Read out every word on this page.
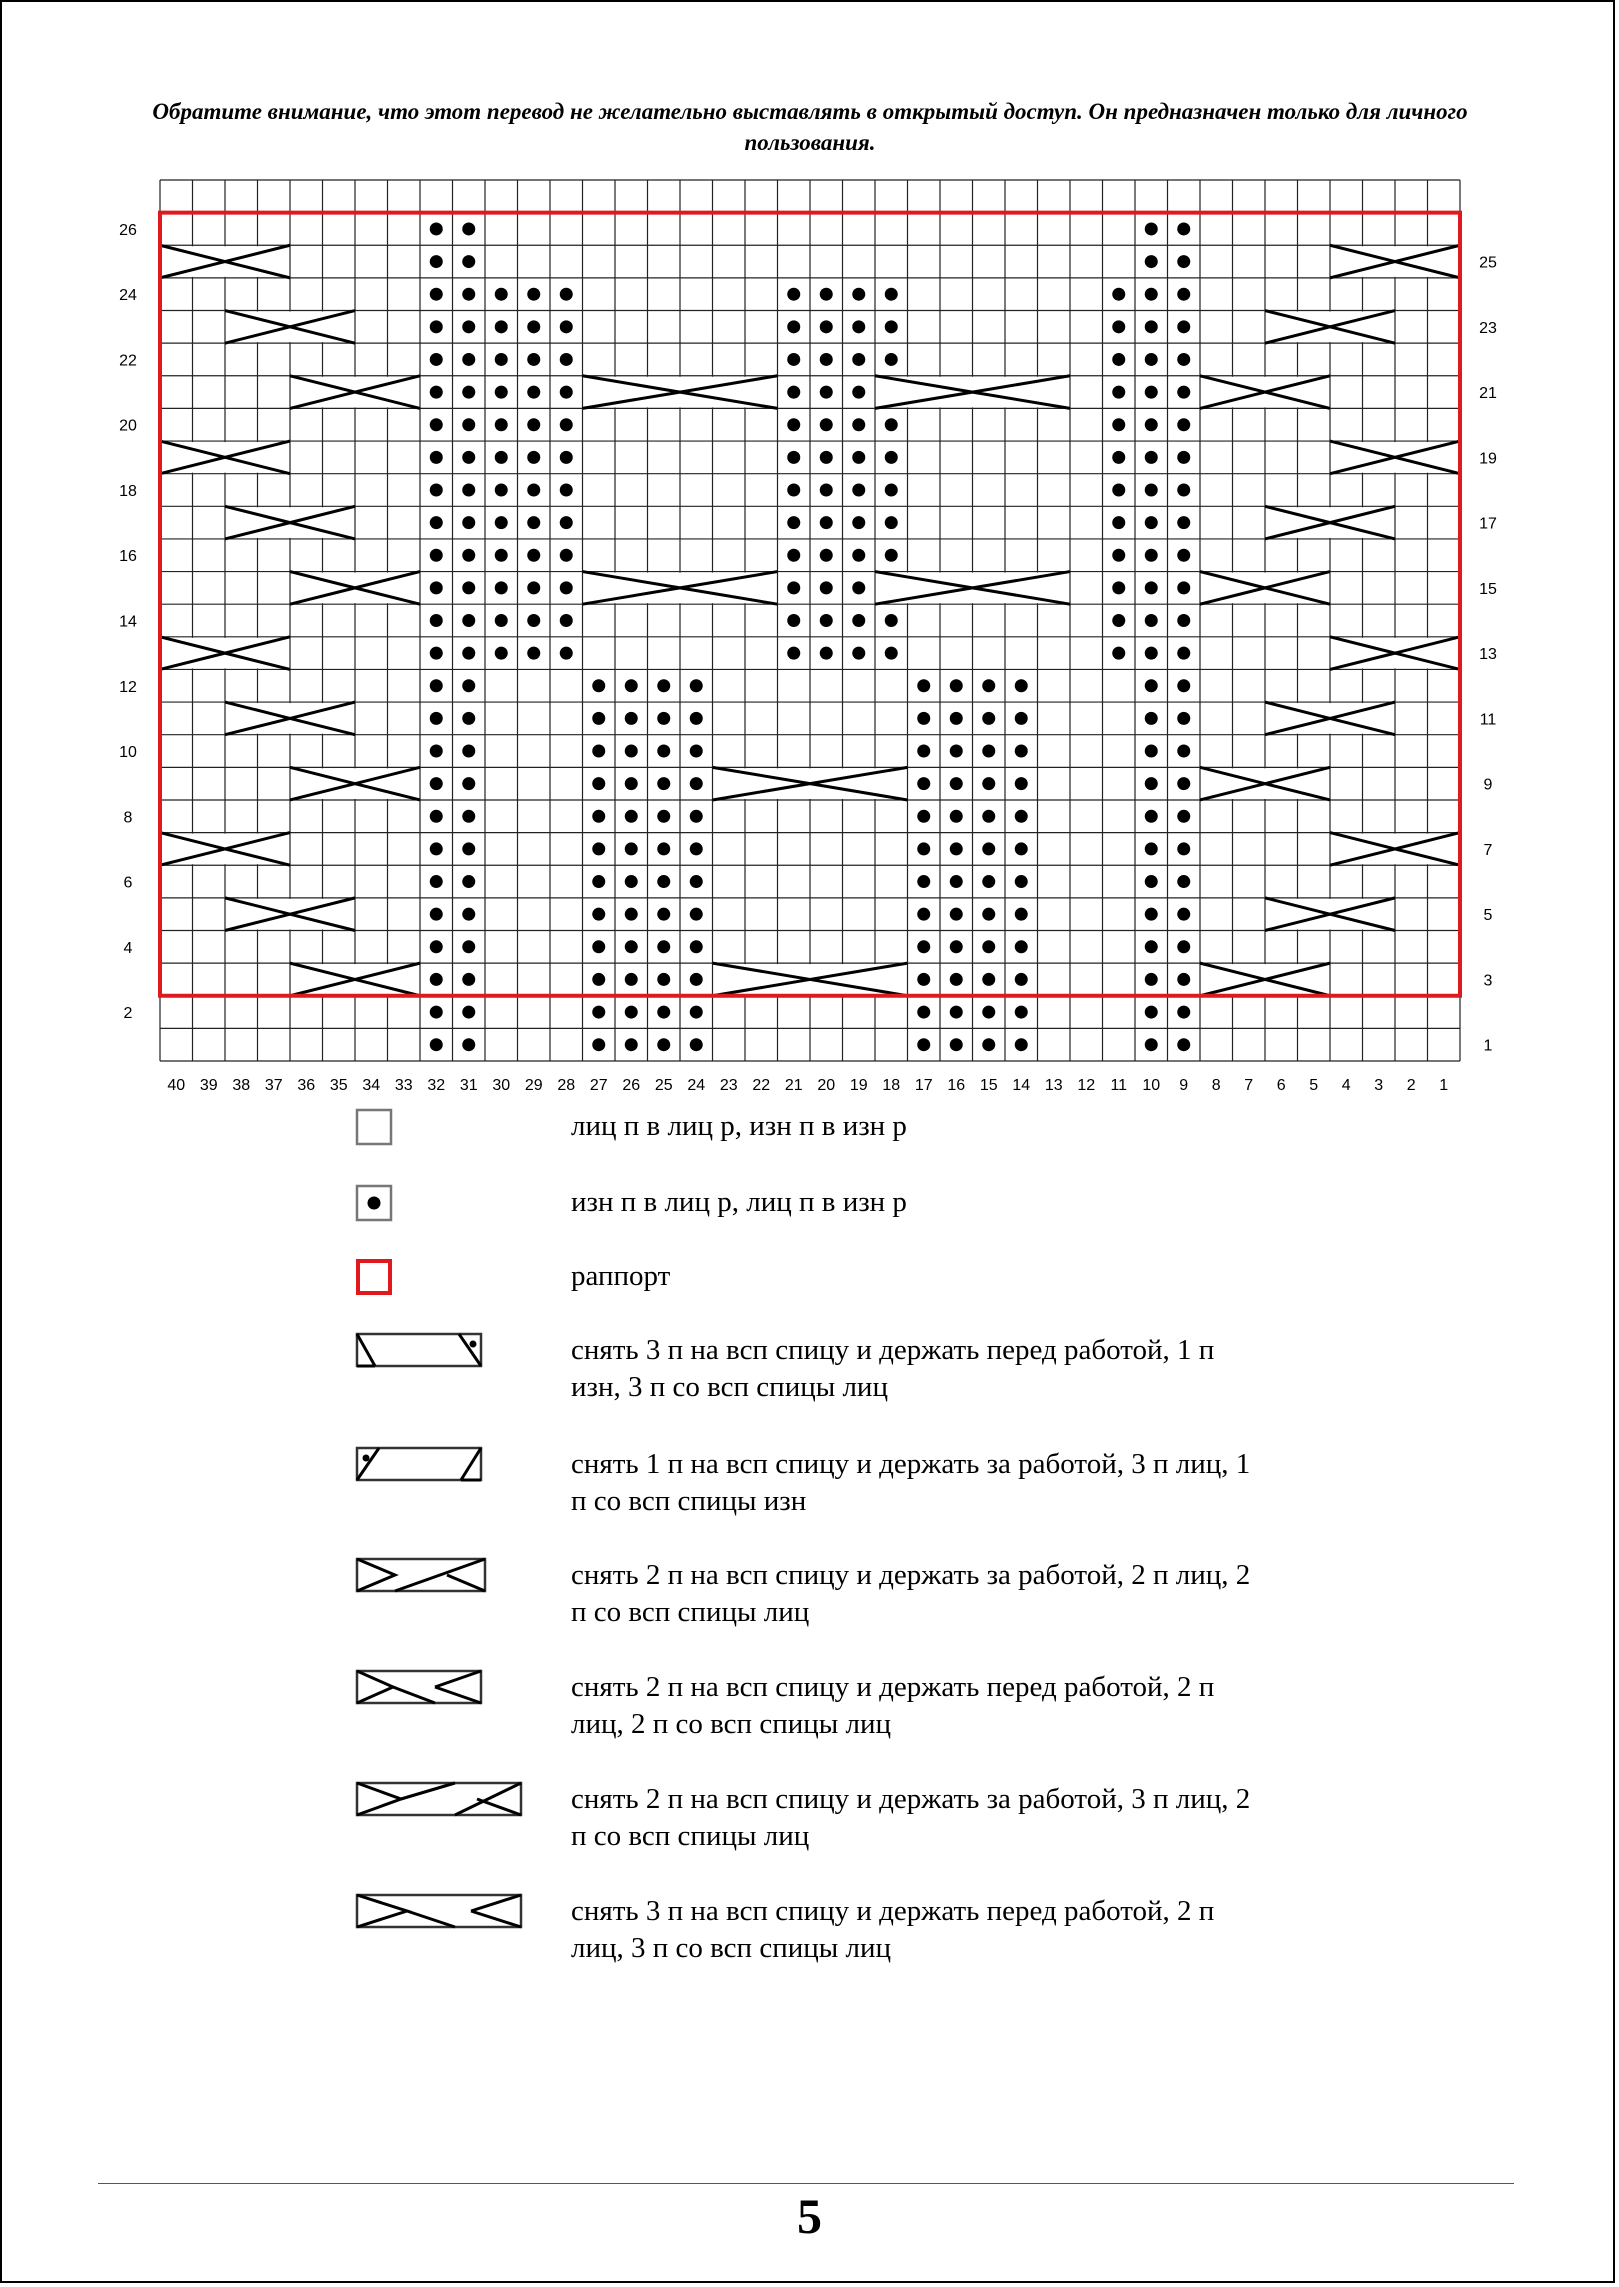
Обратите внимание, что этот перевод не желательно выставлять в открытый доступ. Он предназначен только для личного пользования.
2
4
6
8
10
12
14
16
18
20
22
24
26
1
3
5
7
9
11
13
15
17
19
21
23
25
40 39 38 37 36 35 34 33 32 31 30 29 28 27 26 25 24 23 22 21 20 19 18 17 16 15 14 13 12 11 10 9 8 7 6 5 4 3 2 1
лиц п в лиц р, изн п в изн р
изн п в лиц р, лиц п в изн р
раппорт
снять 3 п на всп спицу и держать перед работой, 1 п изн, 3 п со всп спицы лиц
снять 1 п на всп спицу и держать за работой, 3 п лиц, 1 п со всп спицы изн
снять 2 п на всп спицу и держать за работой, 2 п лиц, 2 п со всп спицы лиц
снять 2 п на всп спицу и держать перед работой, 2 п лиц, 2 п со всп спицы лиц
снять 2 п на всп спицу и держать за работой, 3 п лиц, 2 п со всп спицы лиц
снять 3 п на всп спицу и держать перед работой, 2 п лиц, 3 п со всп спицы лиц
5
